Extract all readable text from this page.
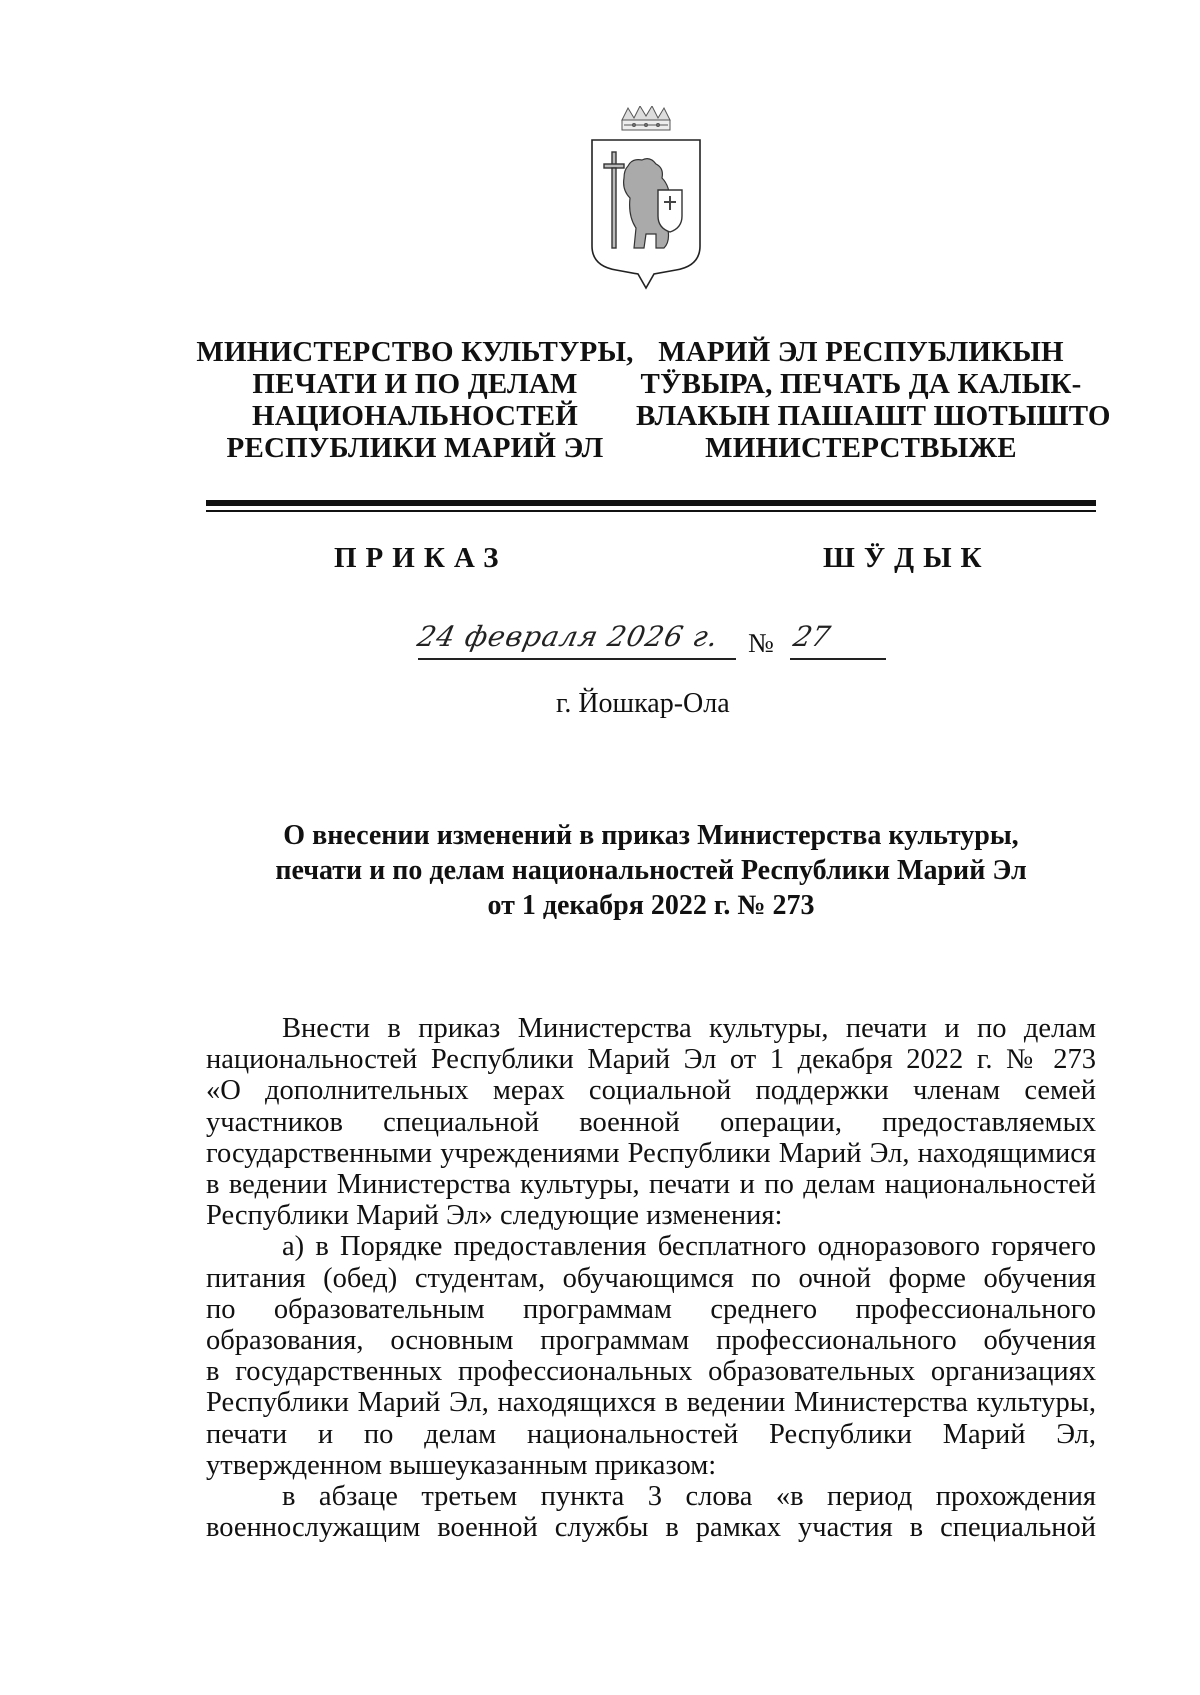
МИНИСТЕРСТВО КУЛЬТУРЫ,
ПЕЧАТИ И ПО ДЕЛАМ
НАЦИОНАЛЬНОСТЕЙ
РЕСПУБЛИКИ МАРИЙ ЭЛ
МАРИЙ ЭЛ РЕСПУБЛИКЫН
ТӰВЫРА, ПЕЧАТЬ ДА КАЛЫК-
ВЛАКЫН ПАШАШТ ШОТЫШТО
МИНИСТЕРСТВЫЖЕ
ПРИКАЗ	ШӰДЫК
24 февраля 2026 г. № 27
г. Йошкар-Ола
О внесении изменений в приказ Министерства культуры,
печати и по делам национальностей Республики Марий Эл
от 1 декабря 2022 г. № 273
Внести в приказ Министерства культуры, печати и по делам
национальностей Республики Марий Эл от 1 декабря 2022 г. № 273
«О дополнительных мерах социальной поддержки членам семей
участников специальной военной операции, предоставляемых
государственными учреждениями Республики Марий Эл, находящимися
в ведении Министерства культуры, печати и по делам национальностей
Республики Марий Эл» следующие изменения:
а) в Порядке предоставления бесплатного одноразового горячего
питания (обед) студентам, обучающимся по очной форме обучения
по образовательным программам среднего профессионального
образования, основным программам профессионального обучения
в государственных профессиональных образовательных организациях
Республики Марий Эл, находящихся в ведении Министерства культуры,
печати и по делам национальностей Республики Марий Эл,
утвержденном вышеуказанным приказом:
в абзаце третьем пункта 3 слова «в период прохождения
военнослужащим военной службы в рамках участия в специальной
